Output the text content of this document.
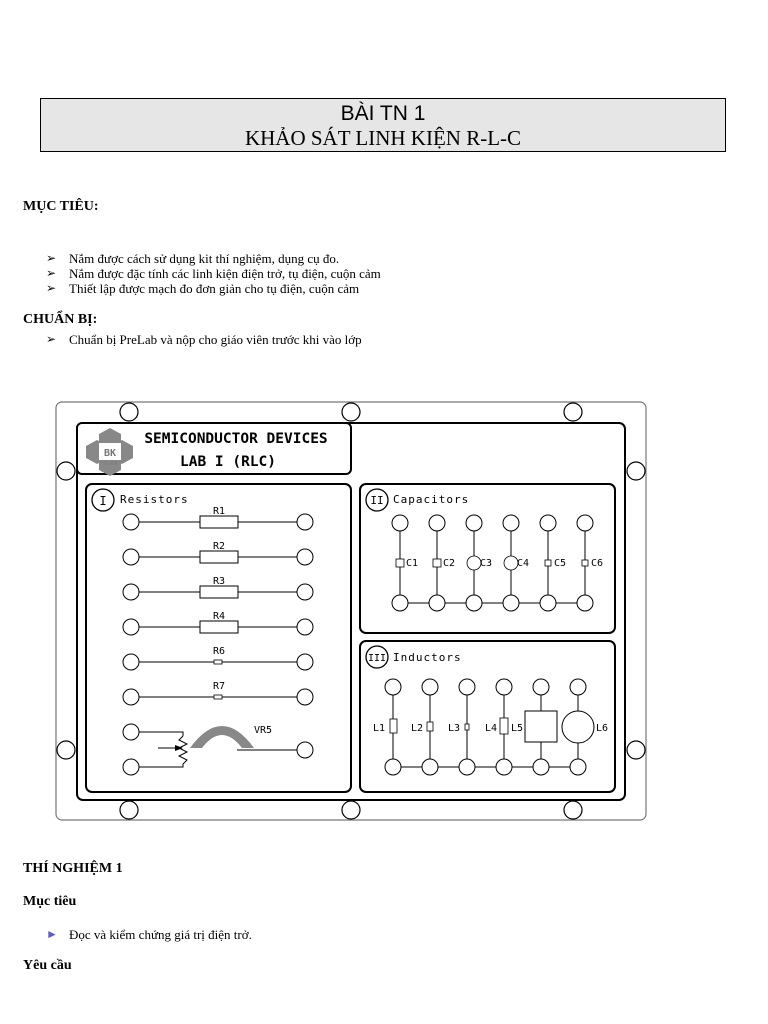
BÀI TN 1
KHẢO SÁT LINH KIỆN R-L-C
MỤC TIÊU:
➢ Nắm được cách sử dụng kit thí nghiệm, dụng cụ đo.
➢ Nắm được đặc tính các linh kiện điện trở, tụ điện, cuộn cảm
➢ Thiết lập được mạch đo đơn giản cho tụ điện, cuộn cảm
CHUẨN BỊ:
➢ Chuẩn bị PreLab và nộp cho giáo viên trước khi vào lớp
BK
TP.HCM
SEMICONDUCTOR DEVICES
LAB I (RLC)
I Resistors	II Capacitors
III Inductors
VR5
R1
R2
R3
R4
R6
R7
C1 C2 C3 C4 C5 C6
L1	L2 L3 L4 L5	L6
THÍ NGHIỆM 1
Mục tiêu
► Đọc và kiểm chứng giá trị điện trở.
Yêu cầu
